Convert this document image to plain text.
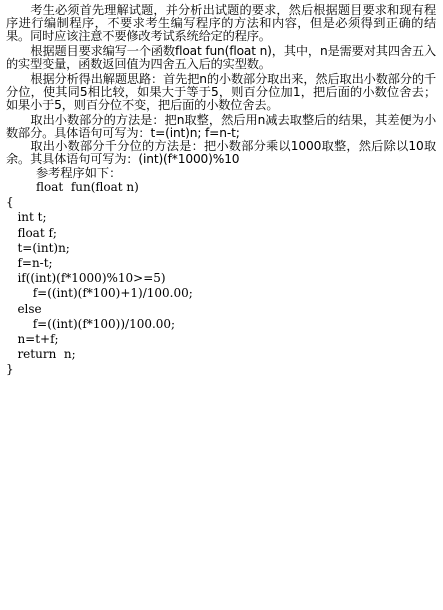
考生必须首先理解试题，并分析出试题的要求，然后根据题目要求和现有程序进行编制程序，不要求考生编写程序的方法和内容，但是必须得到正确的结果。同时应该注意不要修改考试系统给定的程序。

根据题目要求编写一个函数float fun(float n)，其中，n是需要对其四舍五入的实型变量，函数返回值为四舍五入后的实型数。

根据分析得出解题思路：首先把n的小数部分取出来，然后取出小数部分的千分位，使其同5相比较，如果大于等于5，则百分位加1，把后面的小数位舍去；如果小于5，则百分位不变，把后面的小数位舍去。

取出小数部分的方法是：把n取整，然后用n减去取整后的结果，其差便为小数部分。具体语句可写为：t=(int)n; f=n-t;

取出小数部分千分位的方法是：把小数部分乘以1000取整，然后除以10取余。其具体语句可写为：(int)(f*1000)%10

参考程序如下：

float  fun(float n)
{
int t;
float f;
t=(int)n;
f=n-t;
if((int)(f*1000)%10>=5)
f=((int)(f*100)+1)/100.00;
else
f=((int)(f*100))/100.00;
n=t+f;
return  n;
}
